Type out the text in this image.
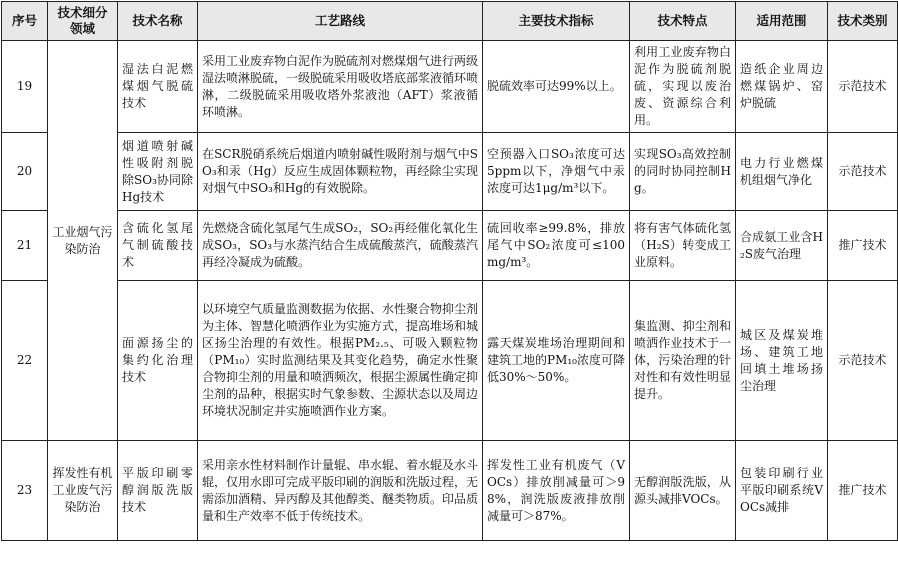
序号	技术细分领域	技术名称	工艺路线	主要技术指标	技术特点	适用范围	技术类别
19	工业烟气污染防治	湿法白泥燃煤烟气脱硫技术	采用工业废弃物白泥作为脱硫剂对燃煤烟气进行两级湿法喷淋脱硫，一级脱硫采用吸收塔底部浆液循环喷淋，二级脱硫采用吸收塔外浆液池（AFT）浆液循环喷淋。	脱硫效率可达99%以上。	利用工业废弃物白泥作为脱硫剂脱硫，实现以废治废、资源综合利用。	造纸企业周边燃煤锅炉、窑炉脱硫	示范技术
20		烟道喷射碱性吸附剂脱除SO₃协同除Hg技术	在SCR脱硝系统后烟道内喷射碱性吸附剂与烟气中SO₃和汞（Hg）反应生成固体颗粒物，再经除尘实现对烟气中SO₃和Hg的有效脱除。	空预器入口SO₃浓度可达5ppm以下，净烟气中汞浓度可达1μg/m³以下。	实现SO₃高效控制的同时协同控制Hg。	电力行业燃煤机组烟气净化	示范技术
21		含硫化氢尾气制硫酸技术	先燃烧含硫化氢尾气生成SO₂，SO₂再经催化氧化生成SO₃，SO₃与水蒸汽结合生成硫酸蒸汽，硫酸蒸汽再经冷凝成为硫酸。	硫回收率≥99.8%，排放尾气中SO₂浓度可≤100mg/m³。	将有害气体硫化氢（H₂S）转变成工业原料。	合成氨工业含H₂S废气治理	推广技术
22		面源扬尘的集约化治理技术	以环境空气质量监测数据为依据、水性聚合物抑尘剂为主体、智慧化喷洒作业为实施方式，提高堆场和城区扬尘治理的有效性。根据PM₂.₅、可吸入颗粒物（PM₁₀）实时监测结果及其变化趋势，确定水性聚合物抑尘剂的用量和喷洒频次，根据尘源属性确定抑尘剂的品种，根据实时气象参数、尘源状态以及周边环境状况制定并实施喷洒作业方案。	露天煤炭堆场治理期间和建筑工地的PM₁₀浓度可降低30%～50%。	集监测、抑尘剂和喷洒作业技术于一体，污染治理的针对性和有效性明显提升。	城区及煤炭堆场、建筑工地回填土堆场扬尘治理	示范技术
23	挥发性有机工业废气污染防治	平版印刷零醇润版洗版技术	采用亲水性材料制作计量辊、串水辊、着水辊及水斗辊，仅用水即可完成平版印刷的润版和洗版过程，无需添加酒精、异丙醇及其他醇类、醚类物质。印品质量和生产效率不低于传统技术。	挥发性工业有机废气（VOCs）排放削减量可＞98%，润洗版废液排放削减量可＞87%。	无醇润版洗版，从源头减排VOCs。	包装印刷行业平版印刷系统VOCs减排	推广技术
